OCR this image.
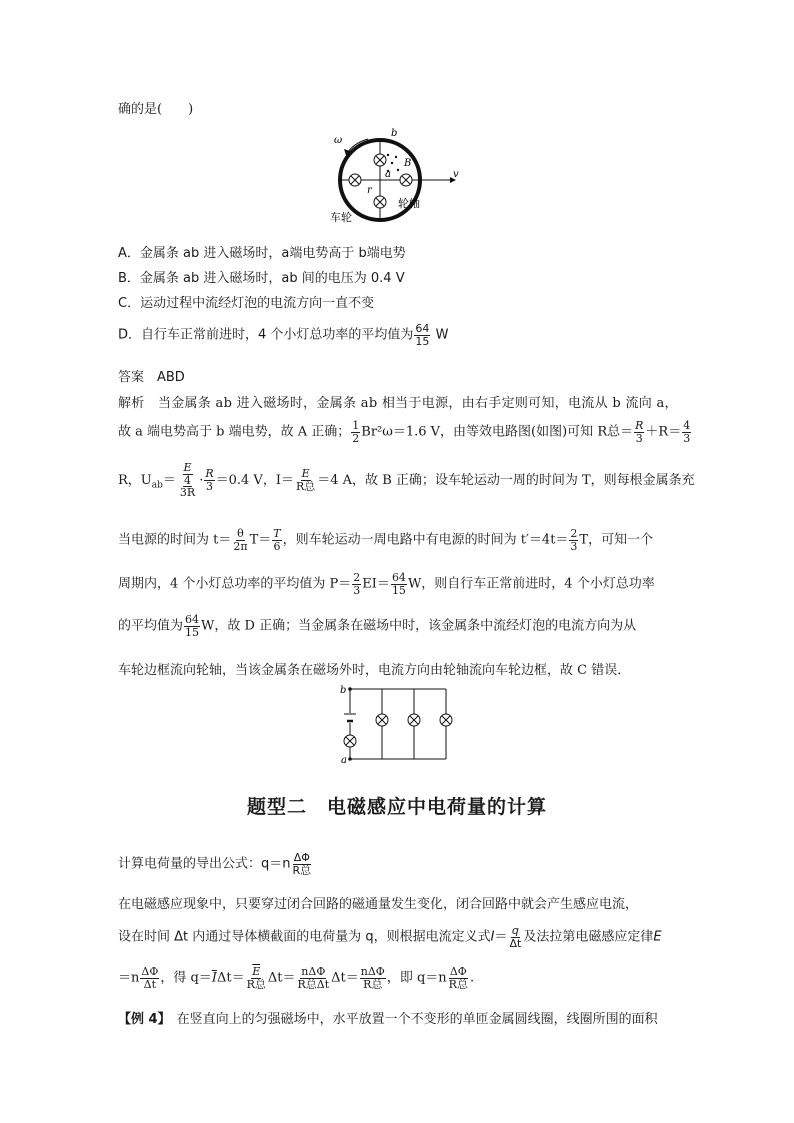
确的是(　　)
ω
b
B
a
r
v
轮轴
车轮
A．金属条 ab 进入磁场时，a端电势高于 b端电势
B．金属条 ab 进入磁场时，ab 间的电压为 0.4 V
C．运动过程中流经灯泡的电流方向一直不变
D．自行车正常前进时，4 个小灯总功率的平均值为 $\frac{64}{15}$ W
答案　ABD
解析　当金属条 ab 进入磁场时，金属条 ab 相当于电源，由右手定则可知，电流从 b 流向 a，
故 a 端电势高于 b 端电势，故 A 正确； $\frac{1}{2} Br^2\omega=1.6$ V，由等效电路图(如图)可知 R总＝ $\frac{R}{3} +R= \frac{4}{3}$
R，$U_{ab}= \frac{E}{\frac{4}{3R}} \cdot \frac{R}{3} =0.4$ V，$I= \frac{E}{\text{R总}} =4$ A，故 B 正确；设车轮运动一周的时间为 T，则每根金属条充
当电源的时间为 $t= \frac{\theta}{2\pi} T= \frac{T}{6}$ ，则车轮运动一周电路中有电源的时间为 $t'=4t= \frac{2}{3}$ T，可知一个
周期内，4 个小灯总功率的平均值为 $P= \frac{2}{3} EI= \frac{64}{15}$ W，则自行车正常前进时，4 个小灯总功率
的平均值为 $\frac{64}{15}$ W，故 D 正确；当金属条在磁场中时，该金属条中流经灯泡的电流方向为从
车轮边框流向轮轴，当该金属条在磁场外时，电流方向由轮轴流向车轮边框，故 C 错误．
b
a
题型二　电磁感应中电荷量的计算
计算电荷量的导出公式：$q=n \frac{\Delta\Phi}{\text{R总}}$
在电磁感应现象中，只要穿过闭合回路的磁通量发生变化，闭合回路中就会产生感应电流，
设在时间 Δt 内通过导体横截面的电荷量为 q，则根据电流定义式$I= \frac{q}{\Delta t}$ 及法拉第电磁感应定律E
$=n \frac{\Delta\Phi}{\Delta t}$ ，得 $q=\overline{I}\Delta t= \frac{\overline{E}}{\text{R总}} \Delta t= \frac{\text{nΔΦ}}{\text{R总Δt}} \Delta t= \frac{\text{nΔΦ}}{\text{R总}}$ ，即 $q=n \frac{\Delta\Phi}{\text{R总}}$ .
【例 4】 在竖直向上的匀强磁场中，水平放置一个不变形的单匝金属圆线圈，线圈所围的面积
